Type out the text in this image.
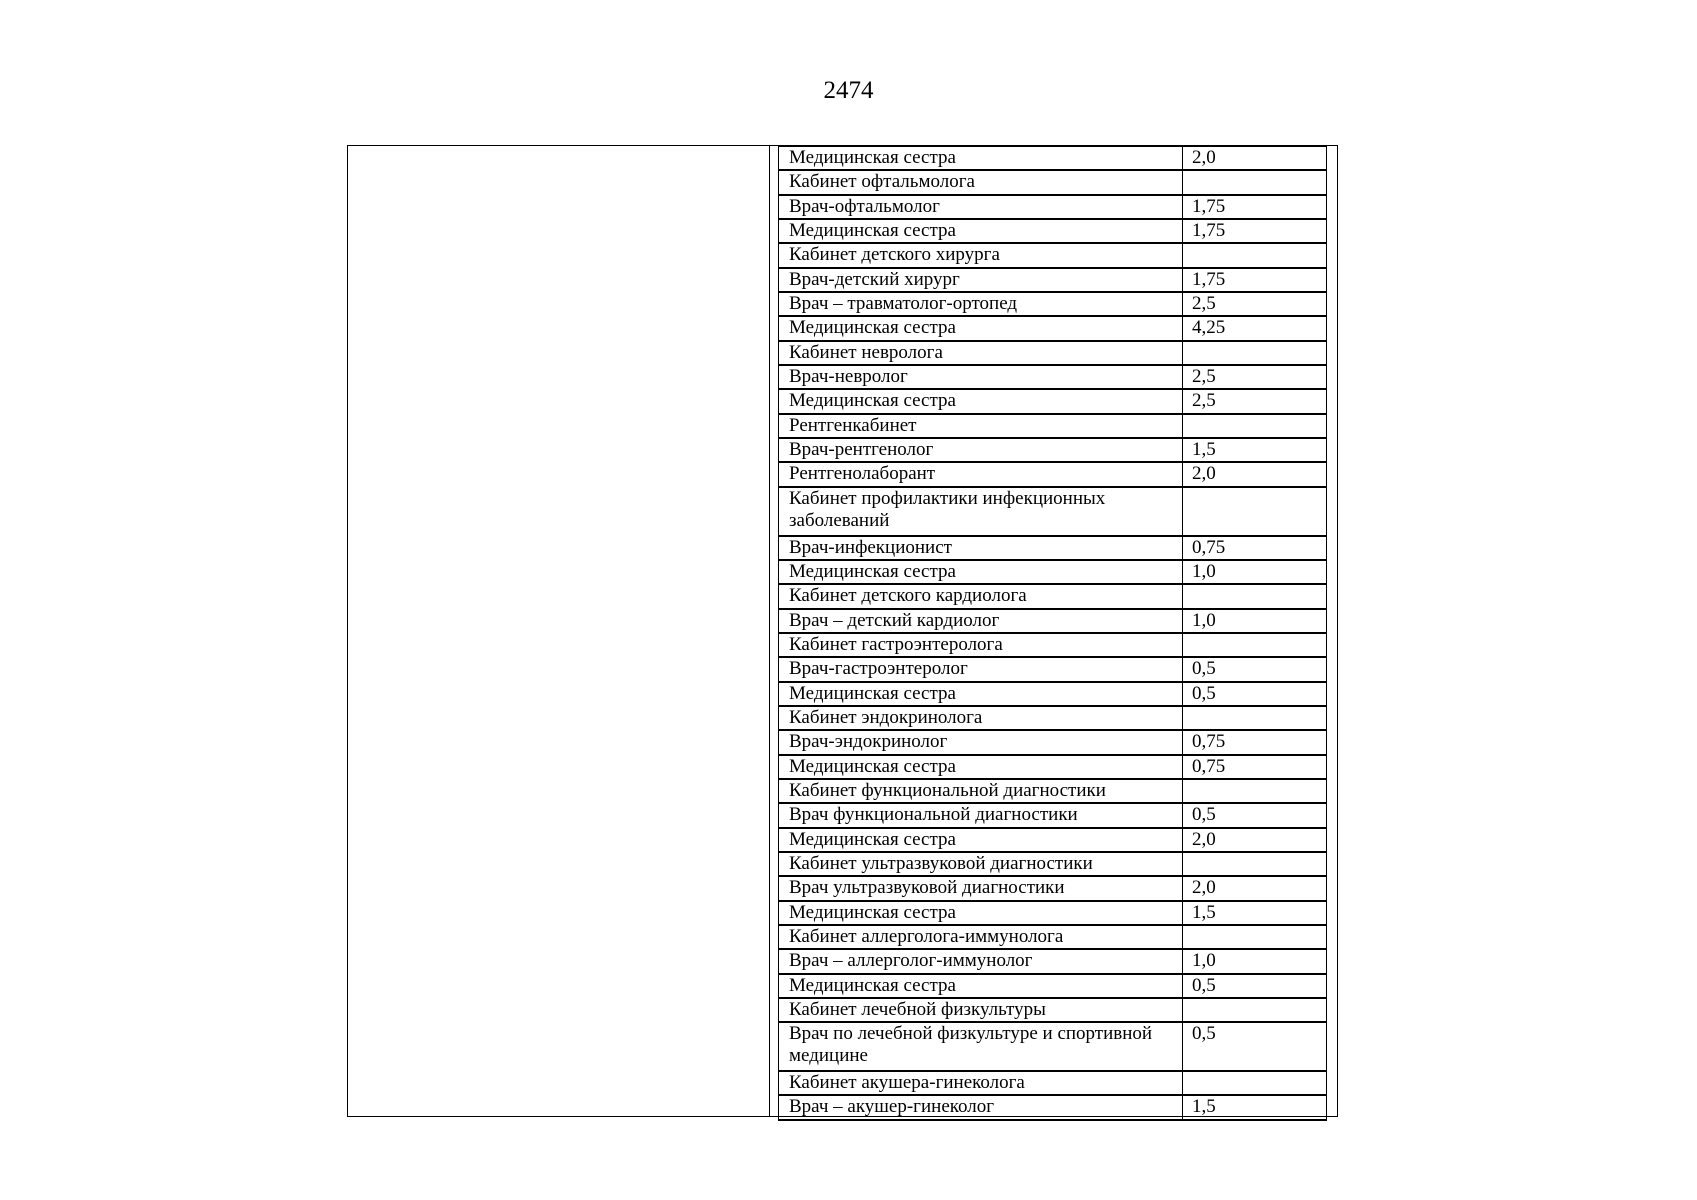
2474
Медицинская сестра	2,0
Кабинет офтальмолога	
Врач-офтальмолог	1,75
Медицинская сестра	1,75
Кабинет детского хирурга	
Врач-детский хирург	1,75
Врач – травматолог-ортопед	2,5
Медицинская сестра	4,25
Кабинет невролога	
Врач-невролог	2,5
Медицинская сестра	2,5
Рентгенкабинет	
Врач-рентгенолог	1,5
Рентгенолаборант	2,0
Кабинет профилактики инфекционных заболеваний	
Врач-инфекционист	0,75
Медицинская сестра	1,0
Кабинет детского кардиолога	
Врач – детский кардиолог	1,0
Кабинет гастроэнтеролога	
Врач-гастроэнтеролог	0,5
Медицинская сестра	0,5
Кабинет эндокринолога	
Врач-эндокринолог	0,75
Медицинская сестра	0,75
Кабинет функциональной диагностики	
Врач функциональной диагностики	0,5
Медицинская сестра	2,0
Кабинет ультразвуковой диагностики	
Врач ультразвуковой диагностики	2,0
Медицинская сестра	1,5
Кабинет аллерголога-иммунолога	
Врач – аллерголог-иммунолог	1,0
Медицинская сестра	0,5
Кабинет лечебной физкультуры	
Врач по лечебной физкультуре и спортивной медицине	0,5
Кабинет акушера-гинеколога	
Врач – акушер-гинеколог	1,5
